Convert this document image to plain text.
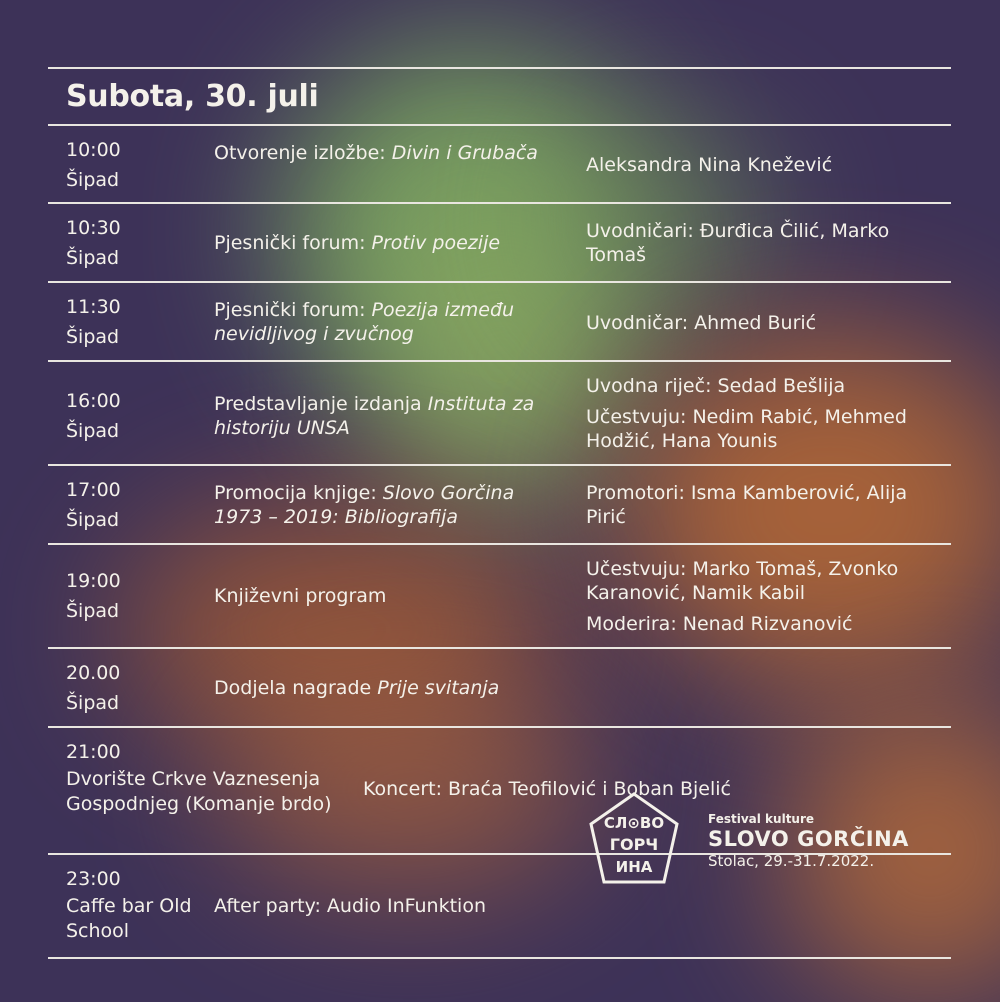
Subota, 30. juli
10:00
Šipad
Otvorenje izložbe: Divin i Grubača
Aleksandra Nina Knežević
10:30
Šipad
Pjesnički forum: Protiv poezije
Uvodničari: Đurđica Čilić, Marko Tomaš
11:30
Šipad
Pjesnički forum: Poezija između nevidljivog i zvučnog	Uvodničar: Ahmed Burić
16:00
Šipad
Predstavljanje izdanja Instituta za historiju UNSA
Uvodna riječ: Sedad Bešlija
Učestvuju: Nedim Rabić, Mehmed Hodžić, Hana Younis
17:00
Šipad
Promocija knjige: Slovo Gorčina 1973 – 2019: Bibliografija
Promotori: Isma Kamberović, Alija Pirić
19:00
Šipad
Književni program
Učestvuju: Marko Tomaš, Zvonko Karanović, Namik Kabil
Moderira: Nenad Rizvanović
20.00
Šipad
Dodjela nagrade Prije svitanja
21:00
Dvorište Crkve Vaznesenja Gospodnjeg (Komanje brdo)
Koncert: Braća Teofilović i Boban Bjelić
23:00
Caffe bar Old School
After party: Audio InFunktion
СЛ⊙ВО
ГОРЧ
ИНА
Festival kulture
SLOVO GORČINA
Stolac, 29.-31.7.2022.
